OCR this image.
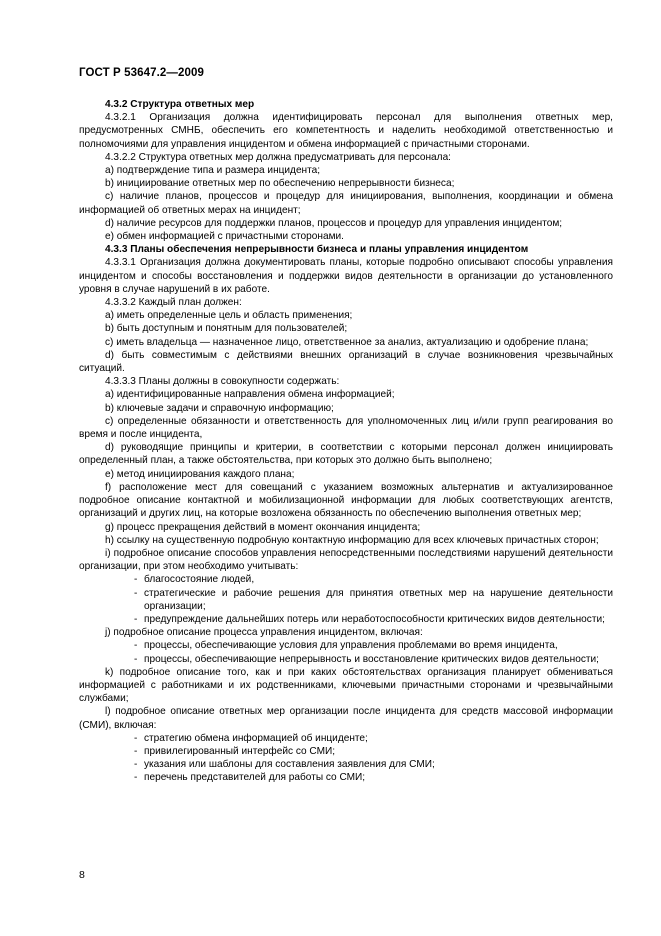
ГОСТ Р 53647.2—2009

4.3.2 Структура ответных мер

4.3.2.1 Организация должна идентифицировать персонал для выполнения ответных мер, предусмотренных СМНБ, обеспечить его компетентность и наделить необходимой ответственностью и полномочиями для управления инцидентом и обмена информацией с причастными сторонами.

4.3.2.2 Структура ответных мер должна предусматривать для персонала:

a) подтверждение типа и размера инцидента;

b) инициирование ответных мер по обеспечению непрерывности бизнеса;

c) наличие планов, процессов и процедур для инициирования, выполнения, координации и обмена информацией об ответных мерах на инцидент;

d) наличие ресурсов для поддержки планов, процессов и процедур для управления инцидентом;

e) обмен информацией с причастными сторонами.

4.3.3 Планы обеспечения непрерывности бизнеса и планы управления инцидентом

4.3.3.1 Организация должна документировать планы, которые подробно описывают способы управления инцидентом и способы восстановления и поддержки видов деятельности в организации до установленного уровня в случае нарушений в их работе.

4.3.3.2 Каждый план должен:

a) иметь определенные цель и область применения;

b) быть доступным и понятным для пользователей;

c) иметь владельца — назначенное лицо, ответственное за анализ, актуализацию и одобрение плана;

d) быть совместимым с действиями внешних организаций в случае возникновения чрезвычайных ситуаций.

4.3.3.3 Планы должны в совокупности содержать:

a) идентифицированные направления обмена информацией;

b) ключевые задачи и справочную информацию;

c) определенные обязанности и ответственность для уполномоченных лиц и/или групп реагирования во время и после инцидента,

d) руководящие принципы и критерии, в соответствии с которыми персонал должен инициировать определенный план, а также обстоятельства, при которых это должно быть выполнено;

e) метод инициирования каждого плана;

f) расположение мест для совещаний с указанием возможных альтернатив и актуализированное подробное описание контактной и мобилизационной информации для любых соответствующих агентств, организаций и других лиц, на которые возложена обязанность по обеспечению выполнения ответных мер;

g) процесс прекращения действий в момент окончания инцидента;

h) ссылку на существенную подробную контактную информацию для всех ключевых причастных сторон;

i) подробное описание способов управления непосредственными последствиями нарушений деятельности организации, при этом необходимо учитывать:

- благосостояние людей,

- стратегические и рабочие решения для принятия ответных мер на нарушение деятельности организации;

- предупреждение дальнейших потерь или неработоспособности критических видов деятельности;

j) подробное описание процесса управления инцидентом, включая:

- процессы, обеспечивающие условия для управления проблемами во время инцидента,

- процессы, обеспечивающие непрерывность и восстановление критических видов деятельности;

k) подробное описание того, как и при каких обстоятельствах организация планирует обмениваться информацией с работниками и их родственниками, ключевыми причастными сторонами и чрезвычайными службами;

l) подробное описание ответных мер организации после инцидента для средств массовой информации (СМИ), включая:

- стратегию обмена информацией об инциденте;

- привилегированный интерфейс со СМИ;

- указания или шаблоны для составления заявления для СМИ;

- перечень представителей для работы со СМИ;

8
